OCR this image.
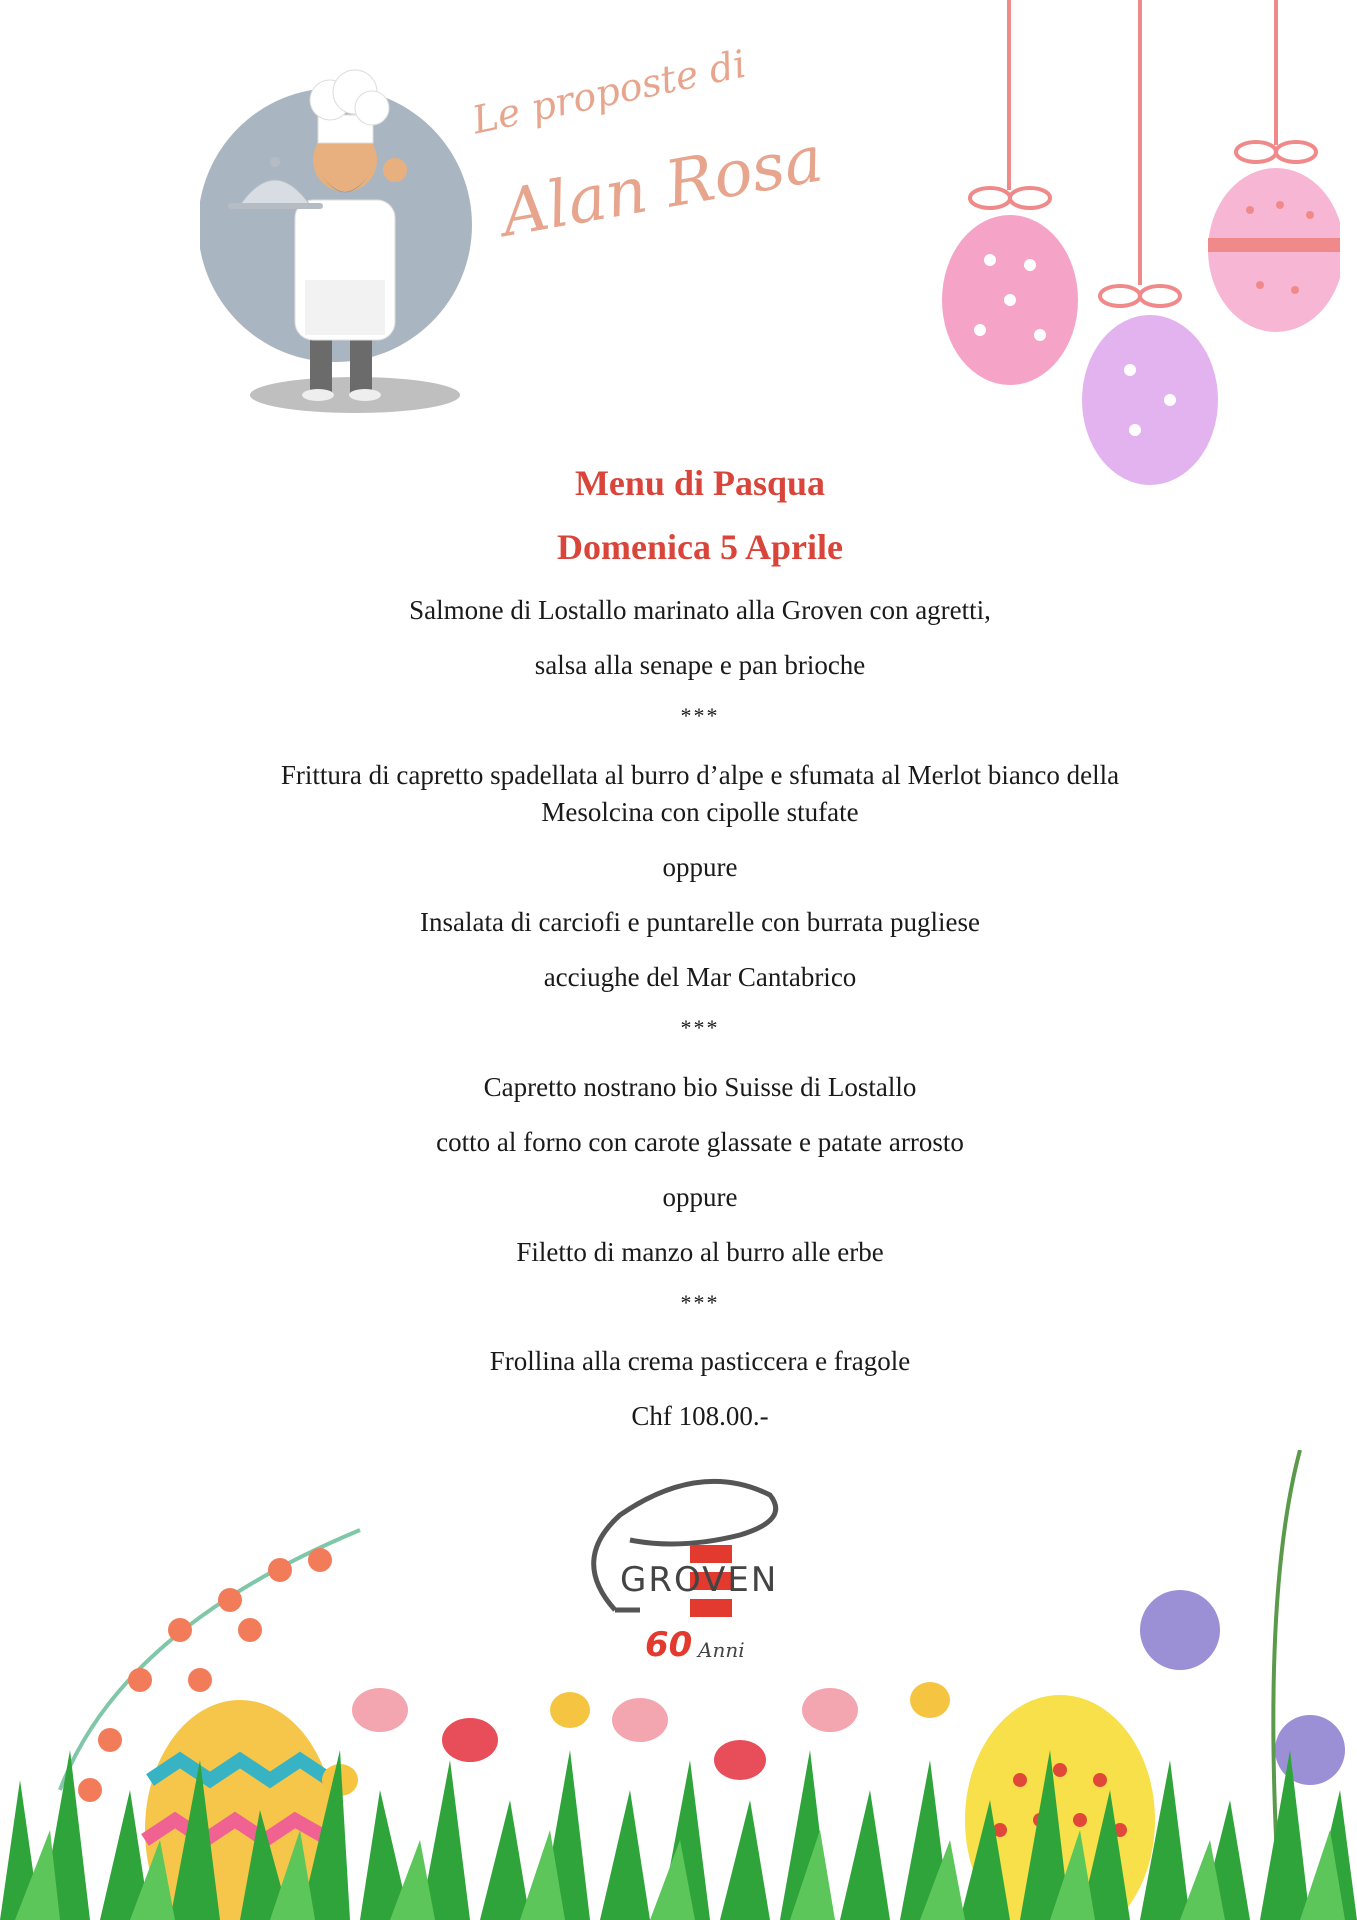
Le proposte di
Alan Rosa
Menu di Pasqua
Domenica 5 Aprile
Salmone di Lostallo marinato alla Groven con agretti,
salsa alla senape e pan brioche
***
Frittura di capretto spadellata al burro d’alpe e sfumata al Merlot bianco della
Mesolcina con cipolle stufate
oppure
Insalata di carciofi e puntarelle con burrata pugliese
acciughe del Mar Cantabrico
***
Capretto nostrano bio Suisse di Lostallo
cotto al forno con carote glassate e patate arrosto
oppure
Filetto di manzo al burro alle erbe
***
Frollina alla crema pasticcera e fragole
Chf 108.00.-
GROVEN
60 Anni
